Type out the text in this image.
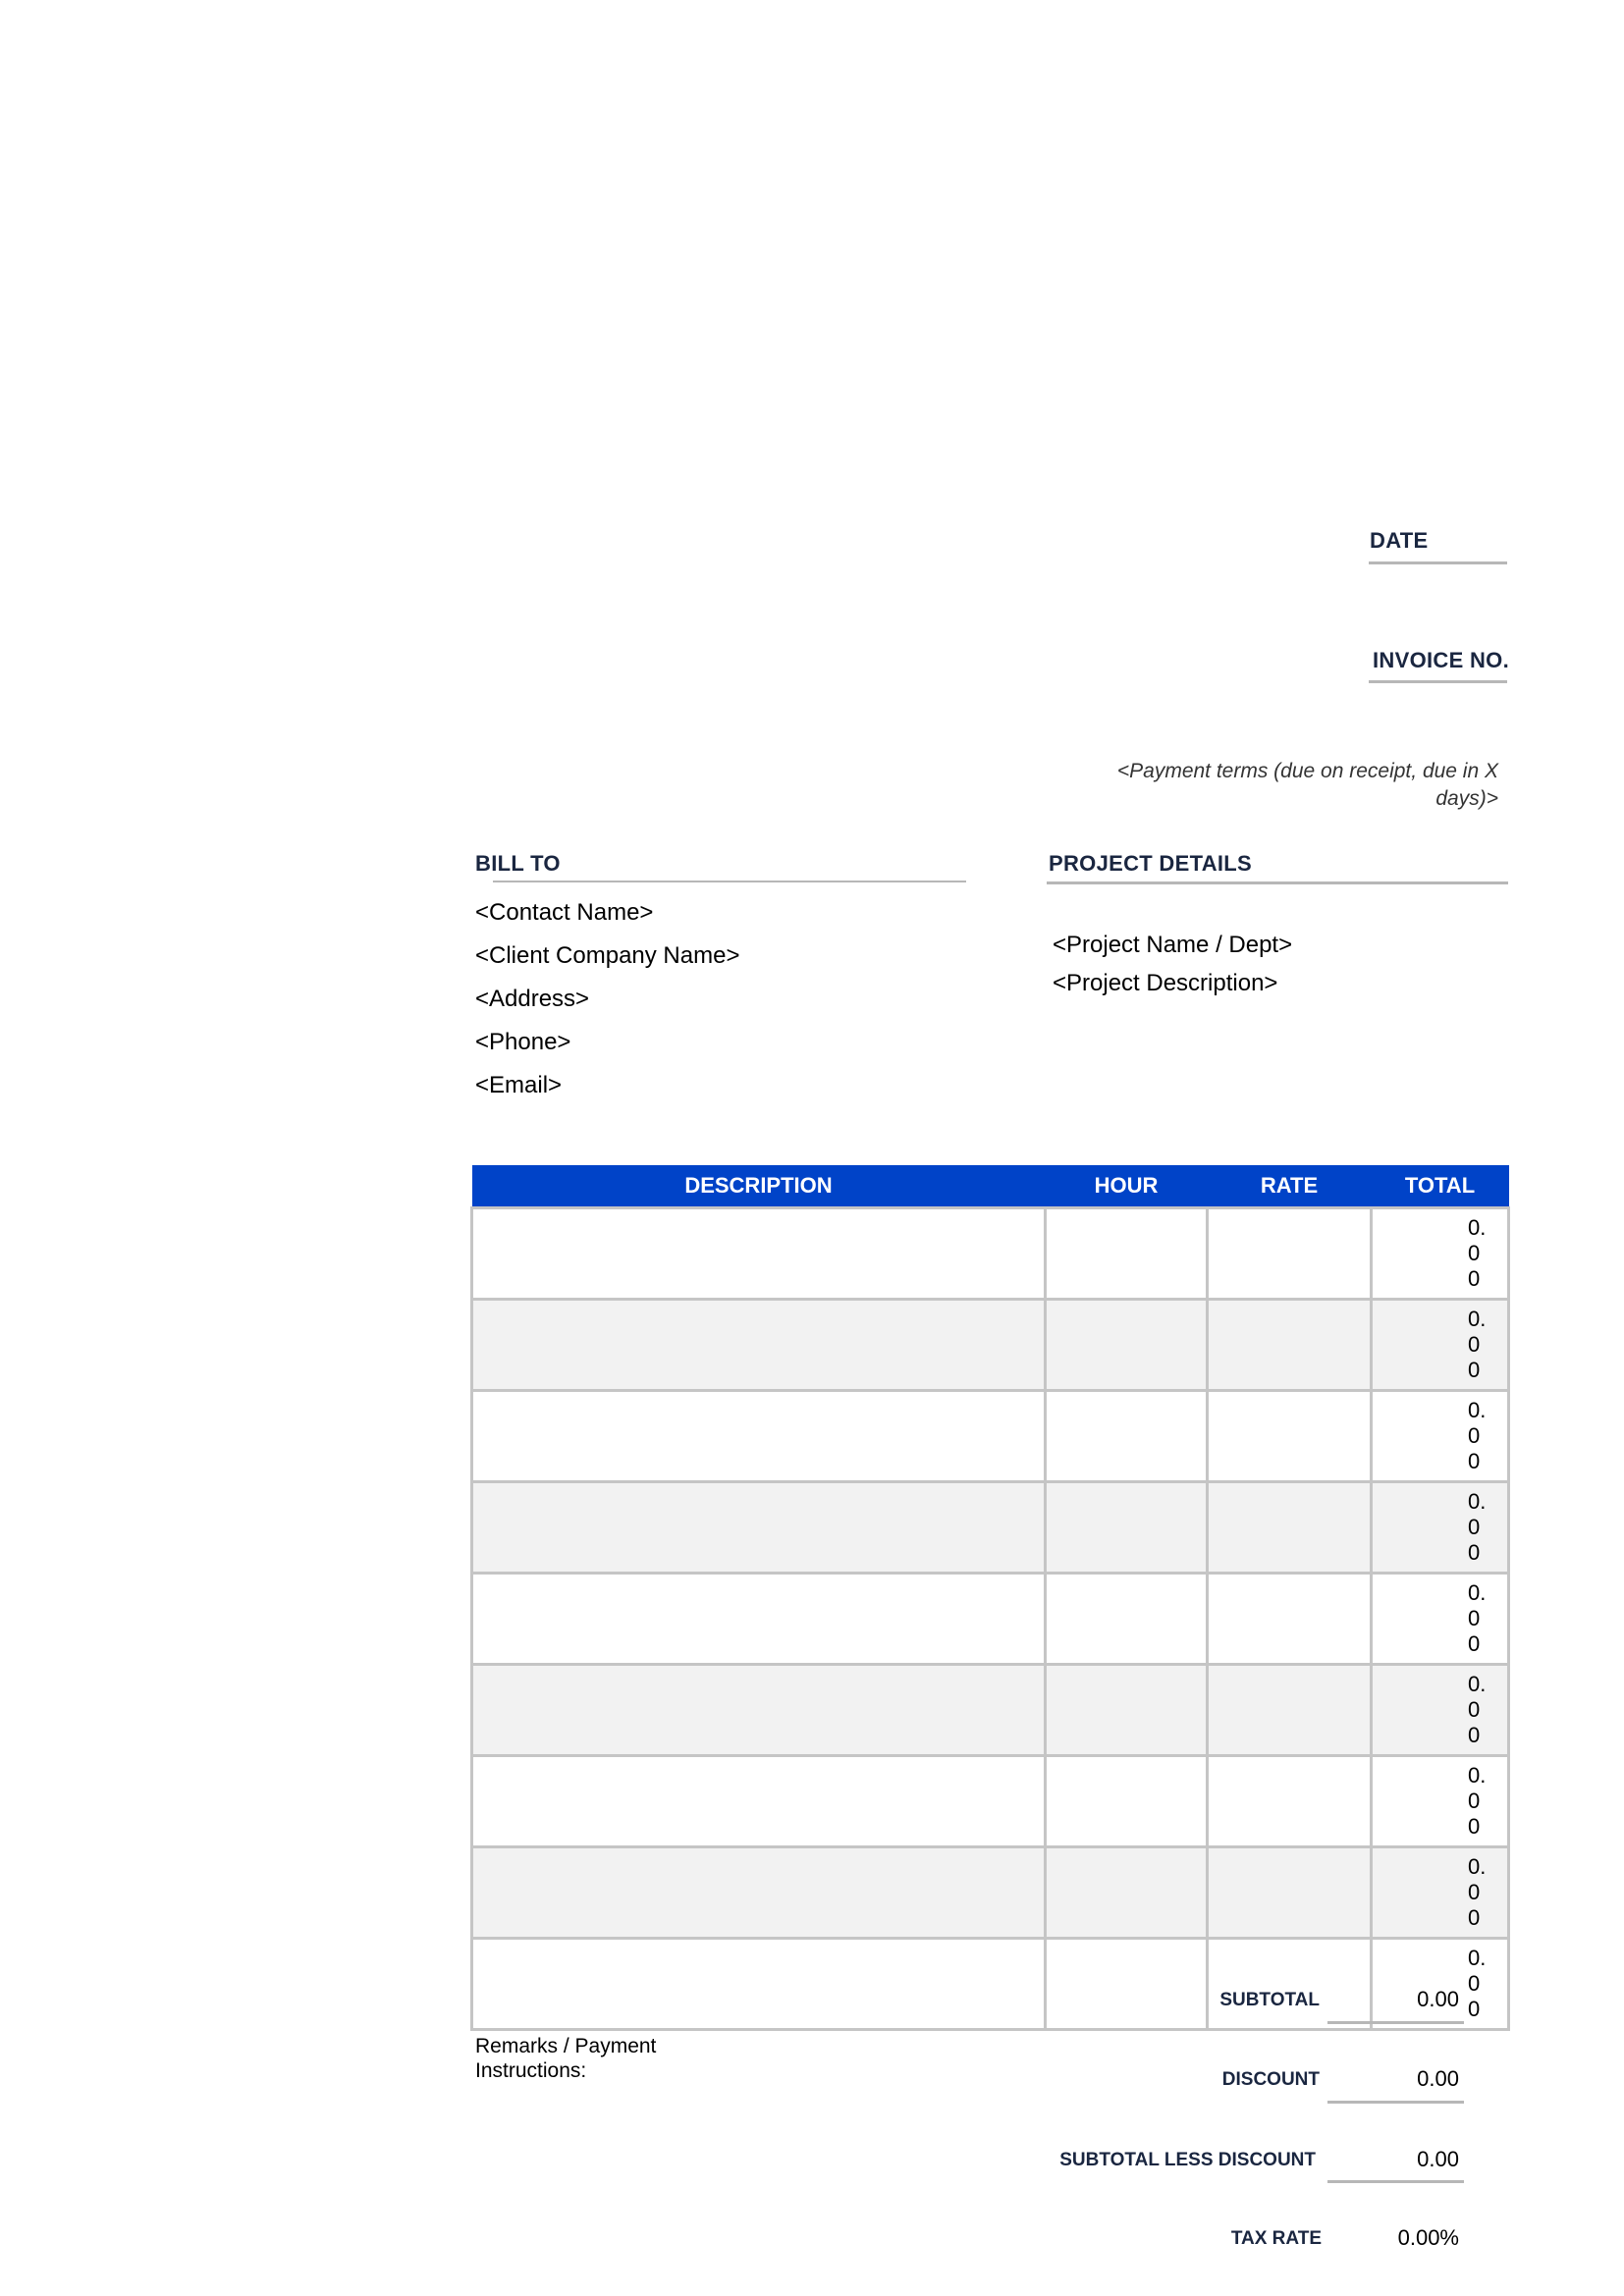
DATE
INVOICE NO.
<Payment terms (due on receipt, due in X days)>
BILL TO
<Contact Name>
<Client Company Name>
<Address>
<Phone>
<Email>
PROJECT DETAILS
<Project Name / Dept>
<Project Description>
DESCRIPTION	HOUR	RATE	TOTAL
			0.00
			0.00
			0.00
			0.00
			0.00
			0.00
			0.00
			0.00
			0.00
SUBTOTAL	0.00
Remarks / Payment Instructions:	DISCOUNT	0.00
SUBTOTAL LESS DISCOUNT	0.00
TAX RATE	0.00%
